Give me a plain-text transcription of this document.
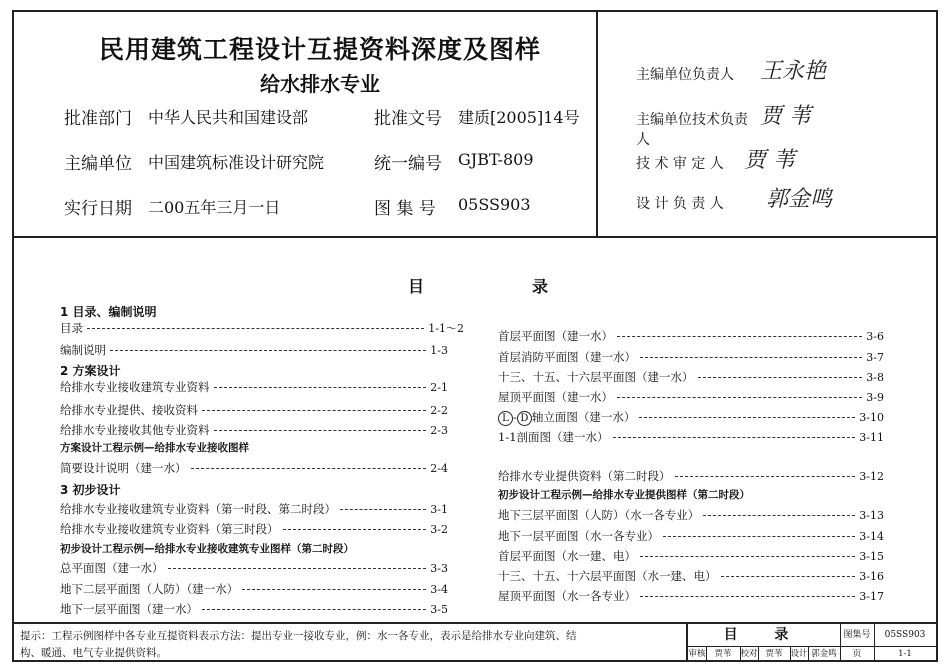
民用建筑工程设计互提资料深度及图样
给水排水专业
批准部门 中华人民共和国建设部	批准文号 建质[2005]14号
主编单位 中国建筑标准设计研究院	统一编号 GJBT-809
实行日期 二00五年三月一日	图 集 号 05SS903
主编单位负责人	王永艳
主编单位技术负责人
贾 苇
技 术 审 定 人 贾 苇
设 计 负 责 人	郭金鸣
目	录
1 目录、编制说明
目录	1-1～2
编制说明	1-3
2 方案设计
给排水专业接收建筑专业资料	2-1
给排水专业提供、接收资料	2-2
给排水专业接收其他专业资料	2-3
方案设计工程示例—给排水专业接收图样
简要设计说明（建一水）	2-4
3 初步设计
给排水专业接收建筑专业资料（第一时段、第二时段）	3-1
给排水专业接收建筑专业资料（第三时段）	3-2
初步设计工程示例—给排水专业接收建筑专业图样（第二时段）
总平面图（建一水）	3-3
地下二层平面图（人防）（建一水）	3-4
地下一层平面图（建一水）	3-5
首层平面图（建一水）	3-6
首层消防平面图（建一水）	3-7
十三、十五、十六层平面图（建一水）	3-8
屋顶平面图（建一水）	3-9
L - D 轴立面图（建一水）	3-10
1-1剖面图（建一水）	3-11
给排水专业提供资料（第二时段）	3-12
初步设计工程示例—给排水专业提供图样（第二时段）
地下三层平面图（人防）（水一各专业）	3-13
地下一层平面图（水一各专业）	3-14
首层平面图（水一建、电）	3-15
十三、十五、十六层平面图（水一建、电）	3-16
屋顶平面图（水一各专业）	3-17
提示：工程示例图样中各专业互提资料表示方法：提出专业一接收专业，例：水一各专业，表示是给排水专业向建筑、结
构、暖通、电气专业提供资料。
目 录	图集号	05SS903
审核	贾苇	校对 贾苇 设计 郭金鸣	页	1-1
